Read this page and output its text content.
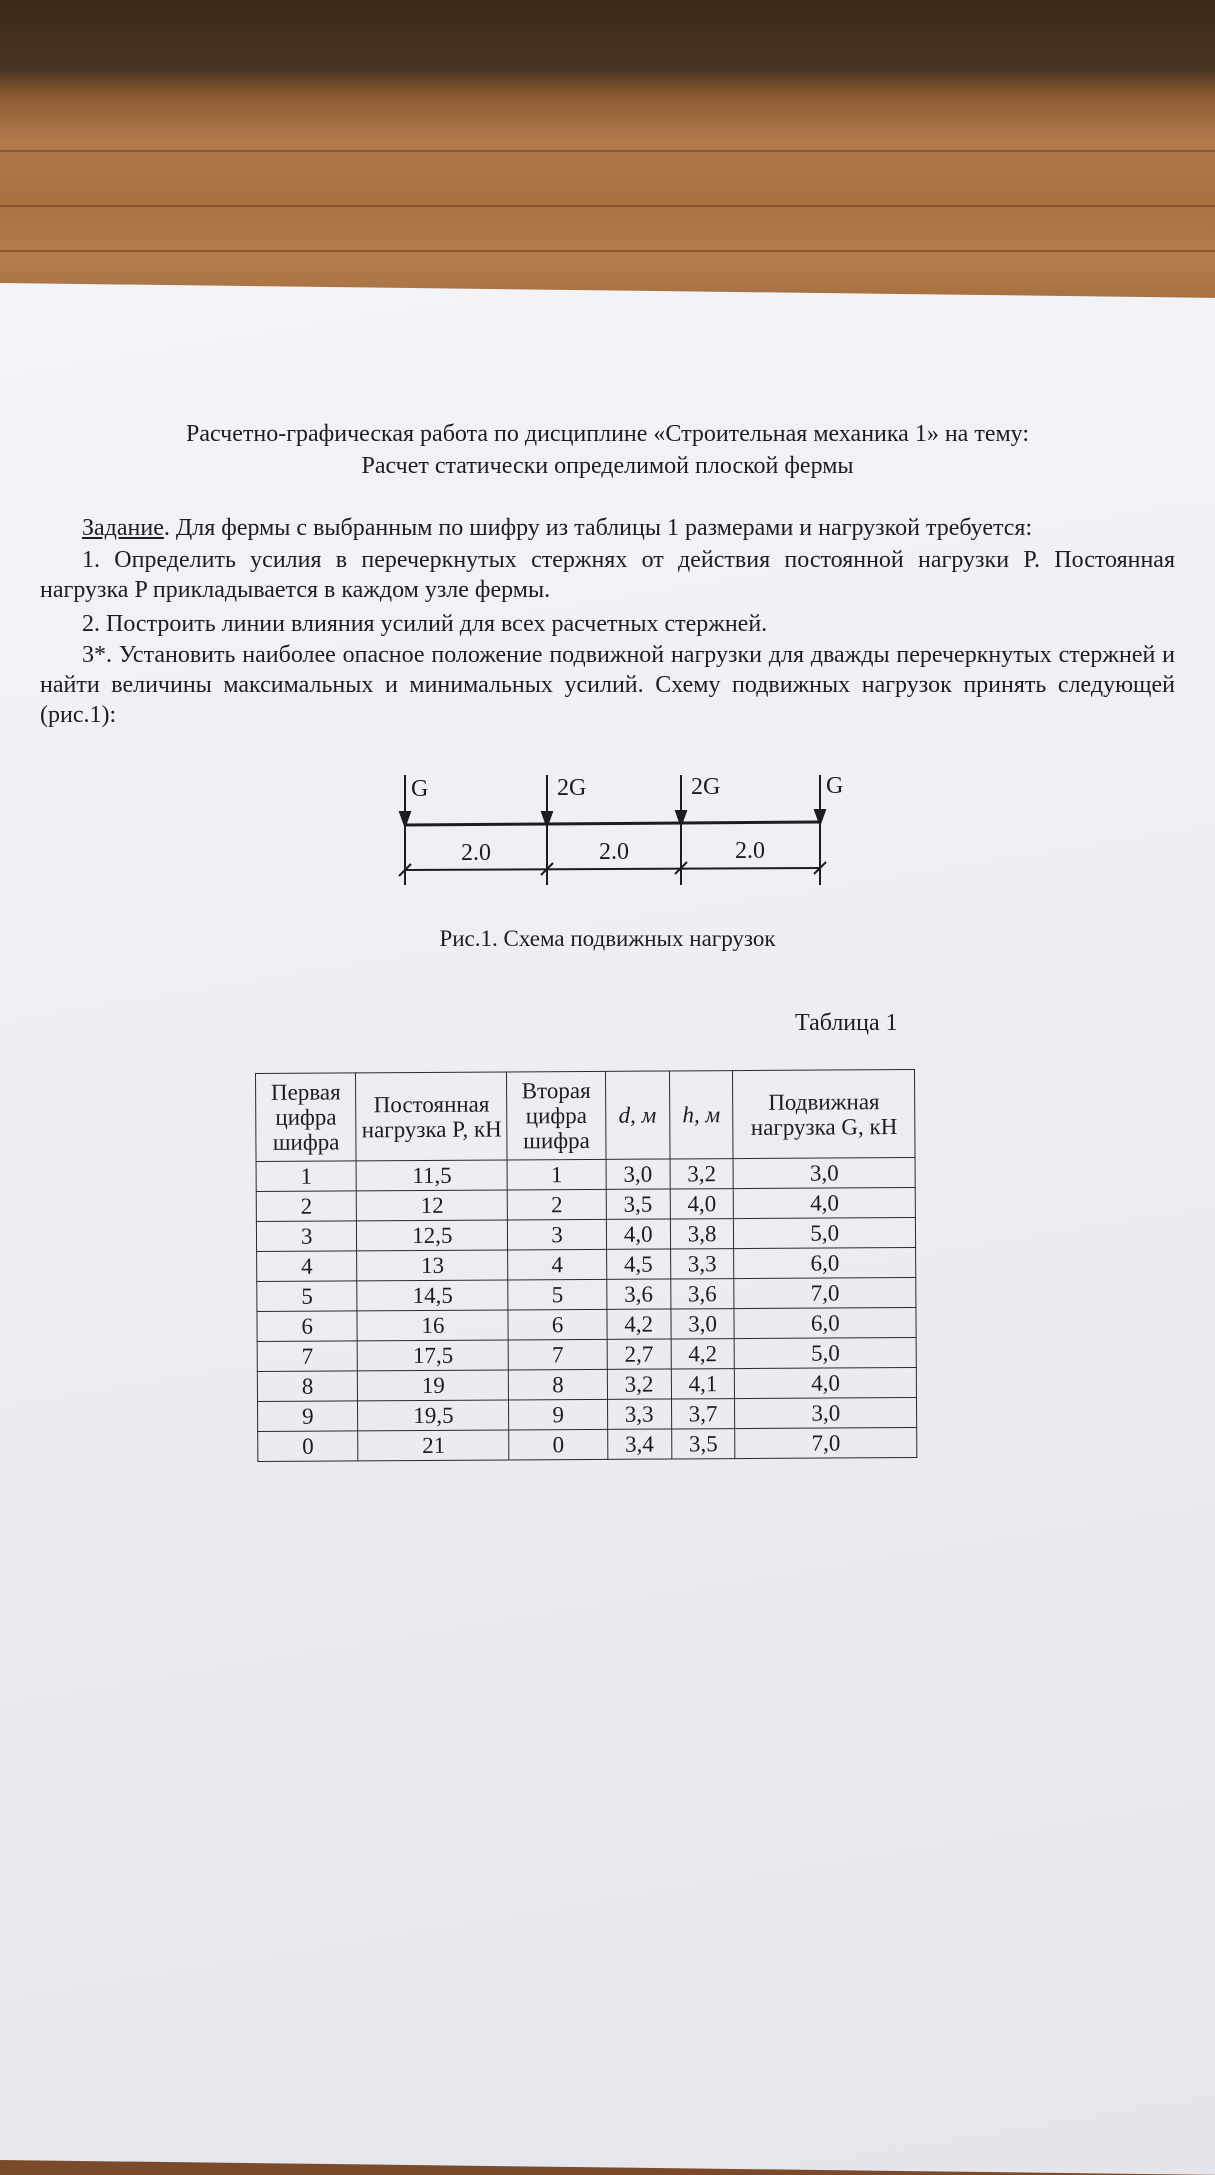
Расчетно-графическая работа по дисциплине «Строительная механика 1» на тему:
Расчет статически определимой плоской фермы
Задание. Для фермы с выбранным по шифру из таблицы 1 размерами и нагрузкой требуется:
1. Определить усилия в перечеркнутых стержнях от действия постоянной нагрузки P. Постоянная нагрузка P прикладывается в каждом узле фермы.
2. Построить линии влияния усилий для всех расчетных стержней.
3*. Установить наиболее опасное положение подвижной нагрузки для дважды перечеркнутых стержней и найти величины максимальных и минимальных усилий. Схему подвижных нагрузок принять следующей (рис.1):
G	2G	2G	G
2.0	2.0	2.0
Рис.1. Схема подвижных нагрузок
Таблица 1
Первая цифра шифра	Постоянная нагрузка P, кН	Вторая цифра шифра	d, м	h, м	Подвижная нагрузка G, кН
1	11,5	1	3,0	3,2	3,0
2	12	2	3,5	4,0	4,0
3	12,5	3	4,0	3,8	5,0
4	13	4	4,5	3,3	6,0
5	14,5	5	3,6	3,6	7,0
6	16	6	4,2	3,0	6,0
7	17,5	7	2,7	4,2	5,0
8	19	8	3,2	4,1	4,0
9	19,5	9	3,3	3,7	3,0
0	21	0	3,4	3,5	7,0
